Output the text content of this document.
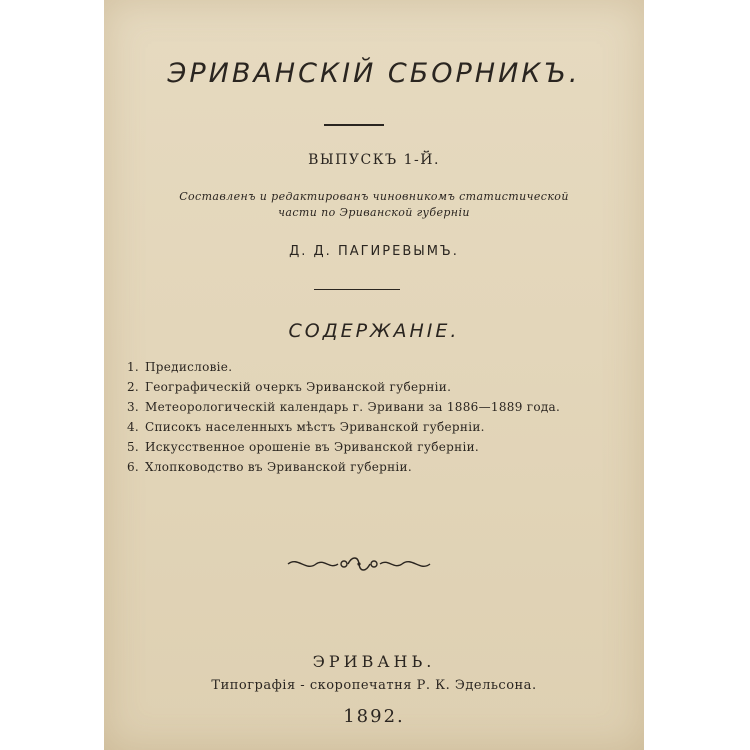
ЭРИВАНСКIЙ СБОРНИКЪ.
ВЫПУСКЪ 1-Й.
Составленъ и редактированъ чиновникомъ статистической
части по Эриванской губернiи
Д. Д. ПАГИРЕВЫМЪ.
СОДЕРЖАНIЕ.
1. Предисловiе.
2. Географическiй очеркъ Эриванской губернiи.
3. Метеорологическiй календарь г. Эривани за 1886—1889 года.
4. Списокъ населенныхъ мѣстъ Эриванской губернiи.
5. Искусственное орошенiе въ Эриванской губернiи.
6. Хлопководство въ Эриванской губернiи.
ЭРИВАНЬ.
Типографiя - скоропечатня Р. К. Эдельсона.
1892.
